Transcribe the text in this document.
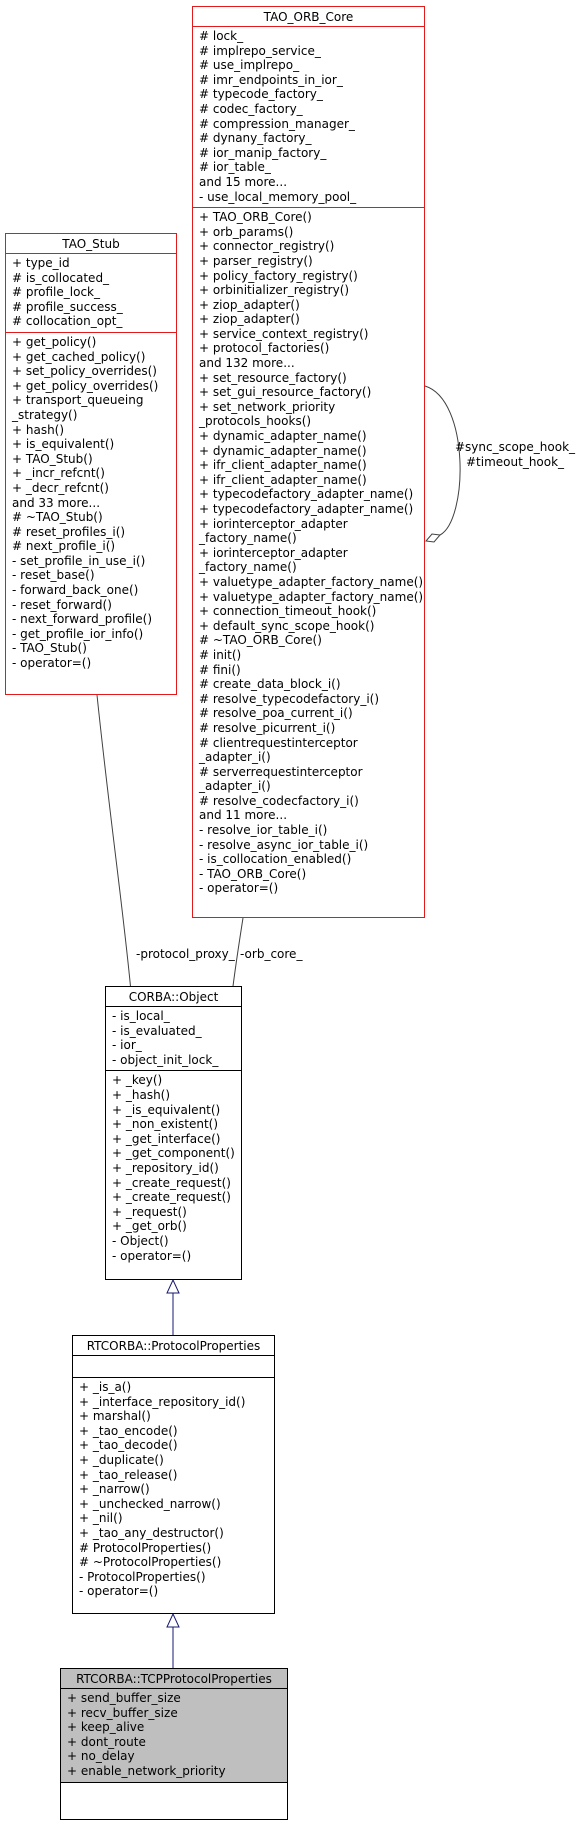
TAO_Stub
+ type_id
# is_collocated_
# profile_lock_
# profile_success_
# collocation_opt_
+ get_policy()
+ get_cached_policy()
+ set_policy_overrides()
+ get_policy_overrides()
+ transport_queueing
_strategy()
+ hash()
+ is_equivalent()
+ TAO_Stub()
+ _incr_refcnt()
+ _decr_refcnt()
and 33 more...
# ~TAO_Stub()
# reset_profiles_i()
# next_profile_i()
- set_profile_in_use_i()
- reset_base()
- forward_back_one()
- reset_forward()
- next_forward_profile()
- get_profile_ior_info()
- TAO_Stub()
- operator=()
TAO_ORB_Core
# lock_
# implrepo_service_
# use_implrepo_
# imr_endpoints_in_ior_
# typecode_factory_
# codec_factory_
# compression_manager_
# dynany_factory_
# ior_manip_factory_
# ior_table_
and 15 more...
- use_local_memory_pool_
+ TAO_ORB_Core()
+ orb_params()
+ connector_registry()
+ parser_registry()
+ policy_factory_registry()
+ orbinitializer_registry()
+ ziop_adapter()
+ ziop_adapter()
+ service_context_registry()
+ protocol_factories()
and 132 more...
+ set_resource_factory()
+ set_gui_resource_factory()
+ set_network_priority
_protocols_hooks()
+ dynamic_adapter_name()
+ dynamic_adapter_name()
+ ifr_client_adapter_name()
+ ifr_client_adapter_name()
+ typecodefactory_adapter_name()
+ typecodefactory_adapter_name()
+ iorinterceptor_adapter
_factory_name()
+ iorinterceptor_adapter
_factory_name()
+ valuetype_adapter_factory_name()
+ valuetype_adapter_factory_name()
+ connection_timeout_hook()
+ default_sync_scope_hook()
# ~TAO_ORB_Core()
# init()
# fini()
# create_data_block_i()
# resolve_typecodefactory_i()
# resolve_poa_current_i()
# resolve_picurrent_i()
# clientrequestinterceptor
_adapter_i()
# serverrequestinterceptor
_adapter_i()
# resolve_codecfactory_i()
and 11 more...
- resolve_ior_table_i()
- resolve_async_ior_table_i()
- is_collocation_enabled()
- TAO_ORB_Core()
- operator=()
CORBA::Object
- is_local_
- is_evaluated_
- ior_
- object_init_lock_
+ _key()
+ _hash()
+ _is_equivalent()
+ _non_existent()
+ _get_interface()
+ _get_component()
+ _repository_id()
+ _create_request()
+ _create_request()
+ _request()
+ _get_orb()
- Object()
- operator=()
RTCORBA::ProtocolProperties
+ _is_a()
+ _interface_repository_id()
+ marshal()
+ _tao_encode()
+ _tao_decode()
+ _duplicate()
+ _tao_release()
+ _narrow()
+ _unchecked_narrow()
+ _nil()
+ _tao_any_destructor()
# ProtocolProperties()
# ~ProtocolProperties()
- ProtocolProperties()
- operator=()
RTCORBA::TCPProtocolProperties
+ send_buffer_size
+ recv_buffer_size
+ keep_alive
+ dont_route
+ no_delay
+ enable_network_priority
-protocol_proxy_ -orb_core_
#sync_scope_hook_
#timeout_hook_
